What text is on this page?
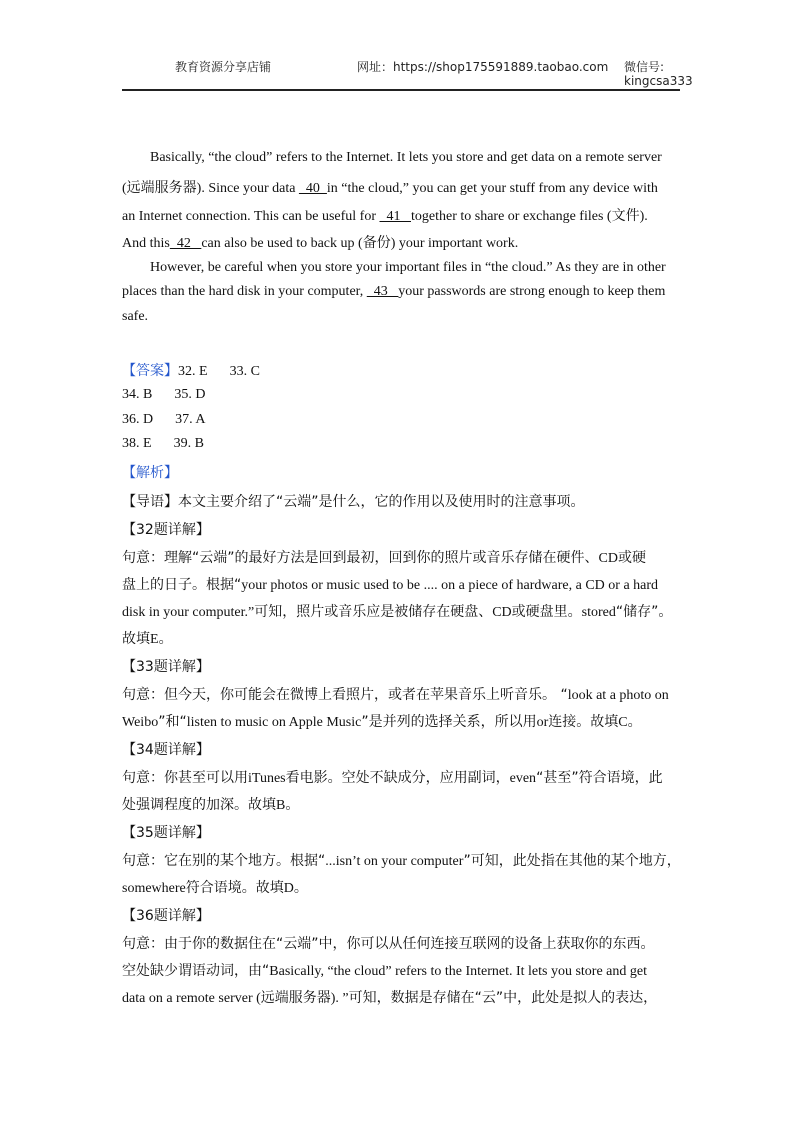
教育资源分享店铺	网址：https://shop175591889.taobao.com 微信号:
kingcsa333
Basically, “the cloud” refers to the Internet. It lets you store and get data on a remote server
(远端服务器). Since your data   40  in “the cloud,” you can get your stuff from any device with
an Internet connection. This can be useful for   41   together to share or exchange files (文件).
And this  42   can also be used to back up (备份) your important work.
However, be careful when you store your important files in “the cloud.” As they are in other
places than the hard disk in your computer,   43   your passwords are strong enough to keep them
safe.
【答案】32. E 33. C
34. B 35. D
36. D 37. A
38. E 39. B
【解析】
【导语】本文主要介绍了“云端”是什么，它的作用以及使用时的注意事项。
【32题详解】
句意：理解“云端”的最好方法是回到最初，回到你的照片或音乐存储在硬件、CD或硬
盘上的日子。根据“your photos or music used to be .... on a piece of hardware, a CD or a hard
disk in your computer.”可知，照片或音乐应是被储存在硬盘、CD或硬盘里。stored“储存”。
故填E。
【33题详解】
句意：但今天，你可能会在微博上看照片，或者在苹果音乐上听音乐。 “look at a photo on
Weibo”和“listen to music on Apple Music”是并列的选择关系，所以用or连接。故填C。
【34题详解】
句意：你甚至可以用iTunes看电影。空处不缺成分，应用副词，even“甚至”符合语境，此
处强调程度的加深。故填B。
【35题详解】
句意：它在别的某个地方。根据“...isn’t on your computer”可知，此处指在其他的某个地方，
somewhere符合语境。故填D。
【36题详解】
句意：由于你的数据住在“云端”中，你可以从任何连接互联网的设备上获取你的东西。
空处缺少谓语动词，由“Basically, “the cloud” refers to the Internet. It lets you store and get
data on a remote server (远端服务器). ”可知，数据是存储在“云”中，此处是拟人的表达，
